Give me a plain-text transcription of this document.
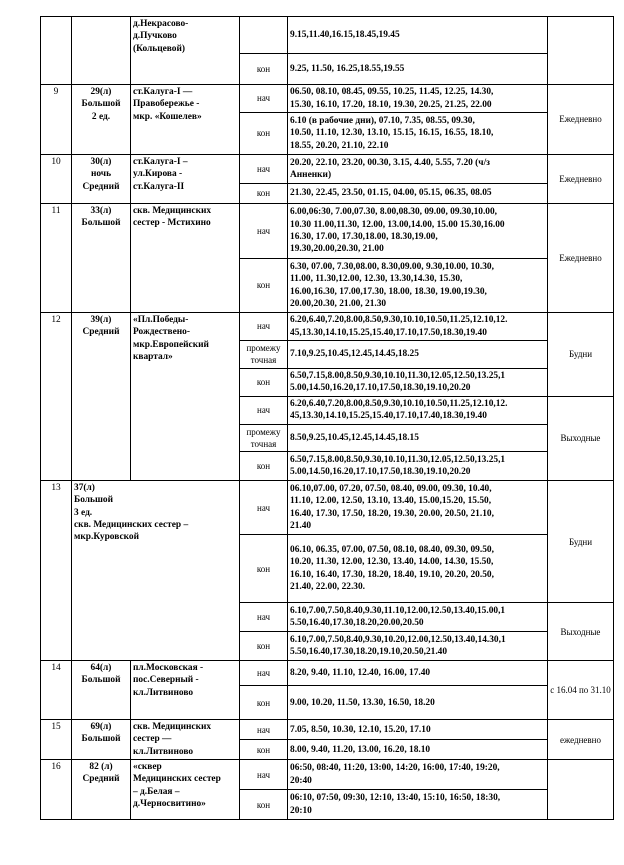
		д.Некрасово-
д.Пучково
(Кольцевой)		9.15,11.40,16.15,18.45,19.45	

			кон	9.25, 11.50, 16.25,18.55,19.55	

9	29(л)
Большой
2 ед.	ст.Калуга-I —
Правобережье -
мкр. «Кошелев»	нач	06.50, 08.10, 08.45, 09.55, 10.25, 11.45, 12.25, 14.30,
15.30, 16.10, 17.20, 18.10, 19.30, 20.25, 21.25, 22.00	Ежедневно
			кон	6.10 (в рабочие дни), 07.10, 7.35, 08.55, 09.30,
10.50, 11.10, 12.30, 13.10, 15.15, 16.15, 16.55, 18.10,
18.55, 20.20, 21.10, 22.10	

10	30(л)
ночь
Средний	ст.Калуга-I –
ул.Кирова -
ст.Калуга-II	нач	20.20, 22.10, 23.20, 00.30, 3.15, 4.40, 5.55, 7.20 (ч/з
Анненки)	Ежедневно
			кон	21.30, 22.45, 23.50, 01.15, 04.00, 05.15, 06.35, 08.05	

11	33(л)
Большой	скв. Медицинских
сестер - Мстихино	нач	6.00,06:30, 7.00,07.30, 8.00,08.30, 09.00, 09.30,10.00,
10.30 11.00,11.30, 12.00, 13.00,14.00, 15.00 15.30,16.00
16.30, 17.00, 17.30,18.00, 18.30,19.00,
19.30,20.00,20.30, 21.00	Ежедневно
			кон	6.30, 07.00, 7.30,08.00, 8.30,09.00, 9.30,10.00, 10.30,
11.00, 11.30,12.00, 12.30, 13.30,14.30, 15.30,
16.00,16.30, 17.00,17.30, 18.00, 18.30, 19.00,19.30,
20.00,20.30, 21.00, 21.30	

12	39(л)
Средний	«Пл.Победы-
Рождествено-
мкр.Европейский
квартал»	нач	6.20,6.40,7.20,8.00,8.50,9.30,10.10,10.50,11.25,12.10,12.
45,13.30,14.10,15.25,15.40,17.10,17.50,18.30,19.40	Будни
			промежу точная	7.10,9.25,10.45,12.45,14.45,18.25	

			кон	6.50,7.15,8.00,8.50,9.30,10.10,11.30,12.05,12.50,13.25,1
5.00,14.50,16.20,17.10,17.50,18.30,19.10,20.20	

			нач	6.20,6.40,7.20,8.00,8.50,9.30,10.10,10.50,11.25,12.10,12.
45,13.30,14.10,15.25,15.40,17.10,17.40,18.30,19.40	Выходные
			промежу точная	8.50,9.25,10.45,12.45,14.45,18.15	

			кон	6.50,7.15,8.00,8.50,9.30,10.10,11.30,12.05,12.50,13.25,1
5.00,14.50,16.20,17.10,17.50,18.30,19.10,20.20	

13	37(л)
Большой
3 ед.
скв. Медицинских сестер –
мкр.Куровской		нач	06.10,07.00, 07.20, 07.50, 08.40, 09.00, 09.30, 10.40,
11.10, 12.00, 12.50, 13.10, 13.40, 15.00,15.20, 15.50,
16.40, 17.30, 17.50, 18.20, 19.30, 20.00, 20.50, 21.10,
21.40	Будни
			кон	06.10, 06.35, 07.00, 07.50, 08.10, 08.40, 09.30, 09.50,
10.20, 11.30, 12.00, 12.30, 13.40, 14.00, 14.30, 15.50,
16.10, 16.40, 17.30, 18.20, 18.40, 19.10, 20.20, 20.50,
21.40, 22.00, 22.30.	

			нач	6.10,7.00,7.50,8.40,9.30,11.10,12.00,12.50,13.40,15.00,1
5.50,16.40,17.30,18.20,20.00,20.50	Выходные
			кон	6.10,7.00,7.50,8.40,9.30,10.20,12.00,12.50,13.40,14.30,1
5.50,16.40,17.30,18.20,19.10,20.50,21.40	

14	64(л)
Большой	пл.Московская -
пос.Северный -
кл.Литвиново	нач	8.20, 9.40, 11.10, 12.40, 16.00, 17.40	с 16.04 по 31.10
			кон	9.00, 10.20, 11.50, 13.30, 16.50, 18.20	

15	69(л)
Большой	скв. Медицинских
сестер —
кл.Литвиново	нач	7.05, 8.50, 10.30, 12.10, 15.20, 17.10	ежедневно
			кон	8.00, 9.40, 11.20, 13.00, 16.20, 18.10	

16	82 (л)
Средний	«сквер
Медицинских сестер
– д.Белая –
д.Черносвитино»	нач	06:50, 08:40, 11:20, 13:00, 14:20, 16:00, 17:40, 19:20,
20:40	

			кон	06:10, 07:50, 09:30, 12:10, 13:40, 15:10, 16:50, 18:30,
20:10	
